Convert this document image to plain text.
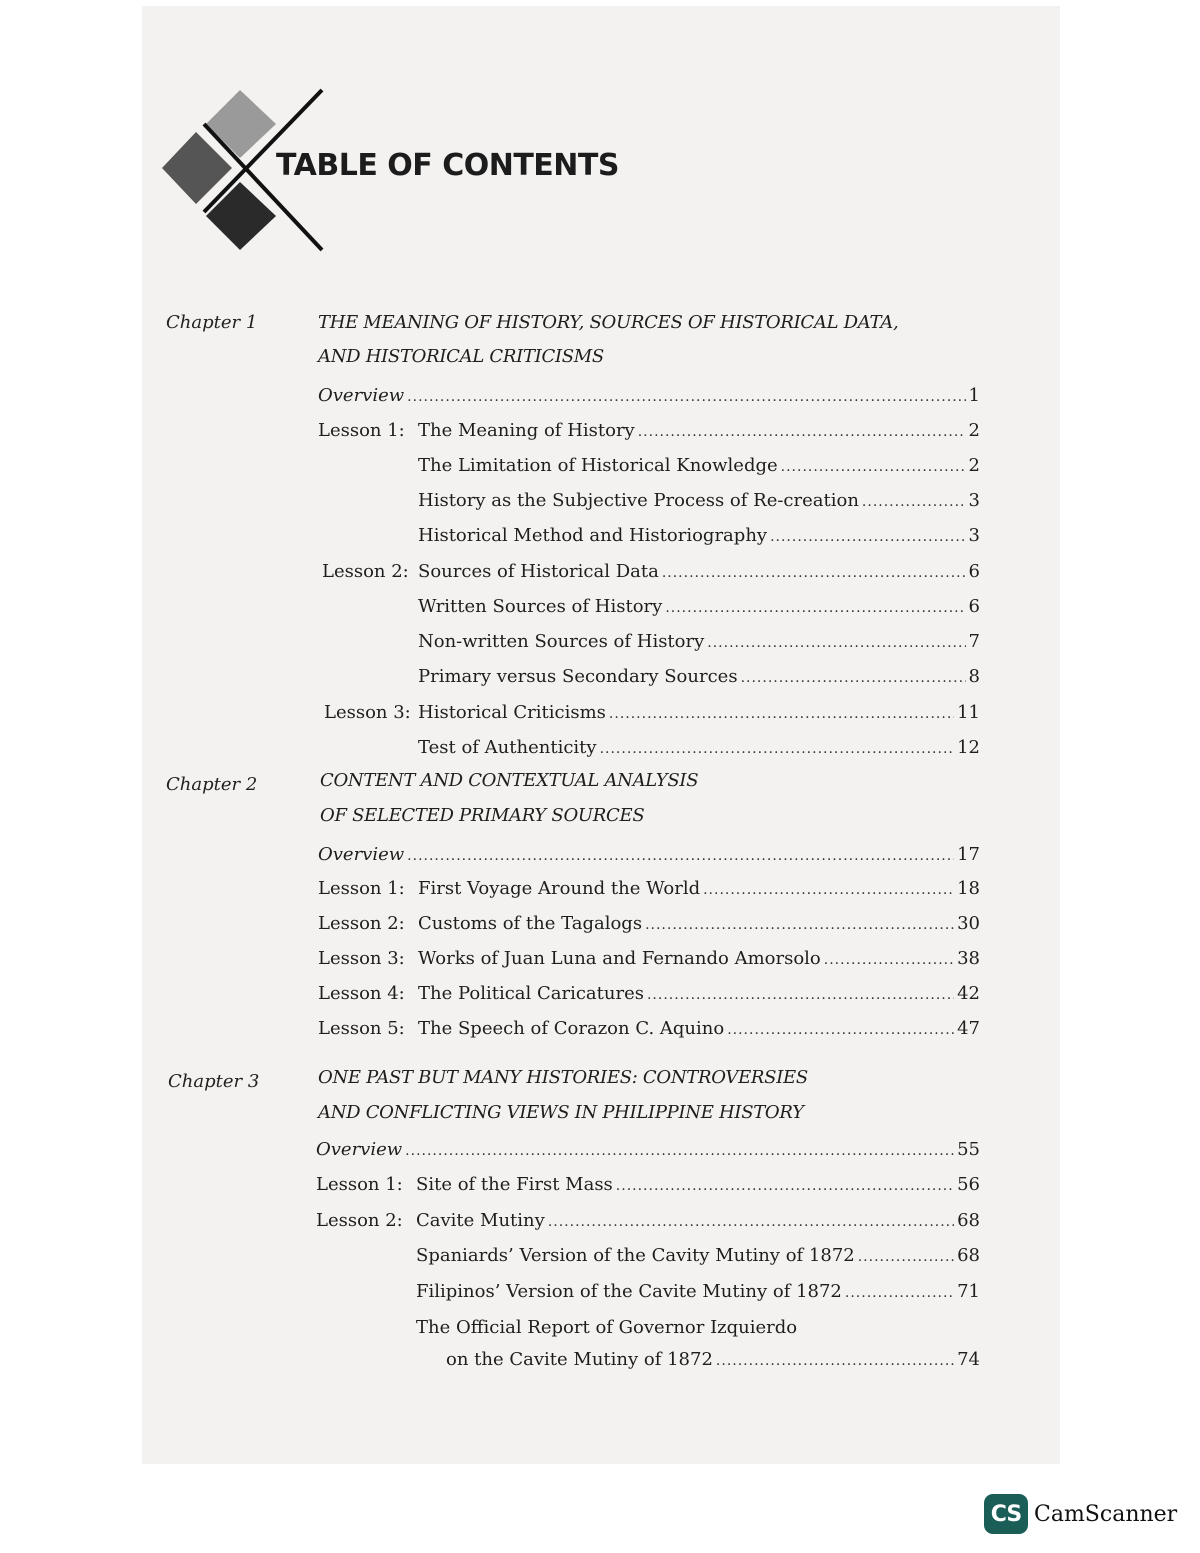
TABLE OF CONTENTS
Chapter 1	THE MEANING OF HISTORY, SOURCES OF HISTORICAL DATA,
AND HISTORICAL CRITICISMS
Overview .....	1
Lesson 1: The Meaning of History .....	2
The Limitation of Historical Knowledge .....	2
History as the Subjective Process of Re-creation .....	3
Historical Method and Historiography .....	3
Lesson 2: Sources of Historical Data .....	6
Written Sources of History .....	6
Non-written Sources of History .....	7
Primary versus Secondary Sources .....	8
Lesson 3: Historical Criticisms .....	11
Test of Authenticity .....	12
Chapter 2	CONTENT AND CONTEXTUAL ANALYSIS
OF SELECTED PRIMARY SOURCES
Overview .....	17
Lesson 1: First Voyage Around the World .....	18
Lesson 2: Customs of the Tagalogs .....	30
Lesson 3: Works of Juan Luna and Fernando Amorsolo .....	38
Lesson 4: The Political Caricatures .....	42
Lesson 5: The Speech of Corazon C. Aquino .....	47
Chapter 3	ONE PAST BUT MANY HISTORIES: CONTROVERSIES
AND CONFLICTING VIEWS IN PHILIPPINE HISTORY
Overview .....	55
Lesson 1: Site of the First Mass .....	56
Lesson 2: Cavite Mutiny .....	68
Spaniards’ Version of the Cavity Mutiny of 1872 .....	68
Filipinos’ Version of the Cavite Mutiny of 1872 .....	71
The Official Report of Governor Izquierdo
on the Cavite Mutiny of 1872 .....	74
CS CamScanner
